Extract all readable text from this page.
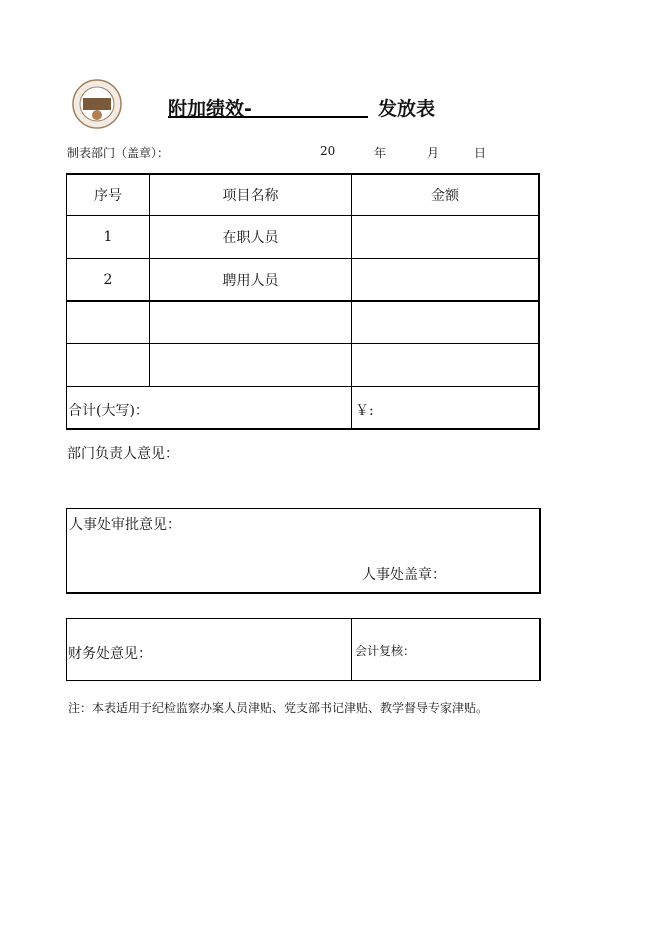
附加绩效-	发放表
制表部门（盖章）：	20	年	月	日
序号	项目名称	金额
1	在职人员
2	聘用人员
合计(大写)：	￥:
部门负责人意见：
人事处审批意见：
人事处盖章：
财务处意见：	会计复核：
注：本表适用于纪检监察办案人员津贴、党支部书记津贴、教学督导专家津贴。
